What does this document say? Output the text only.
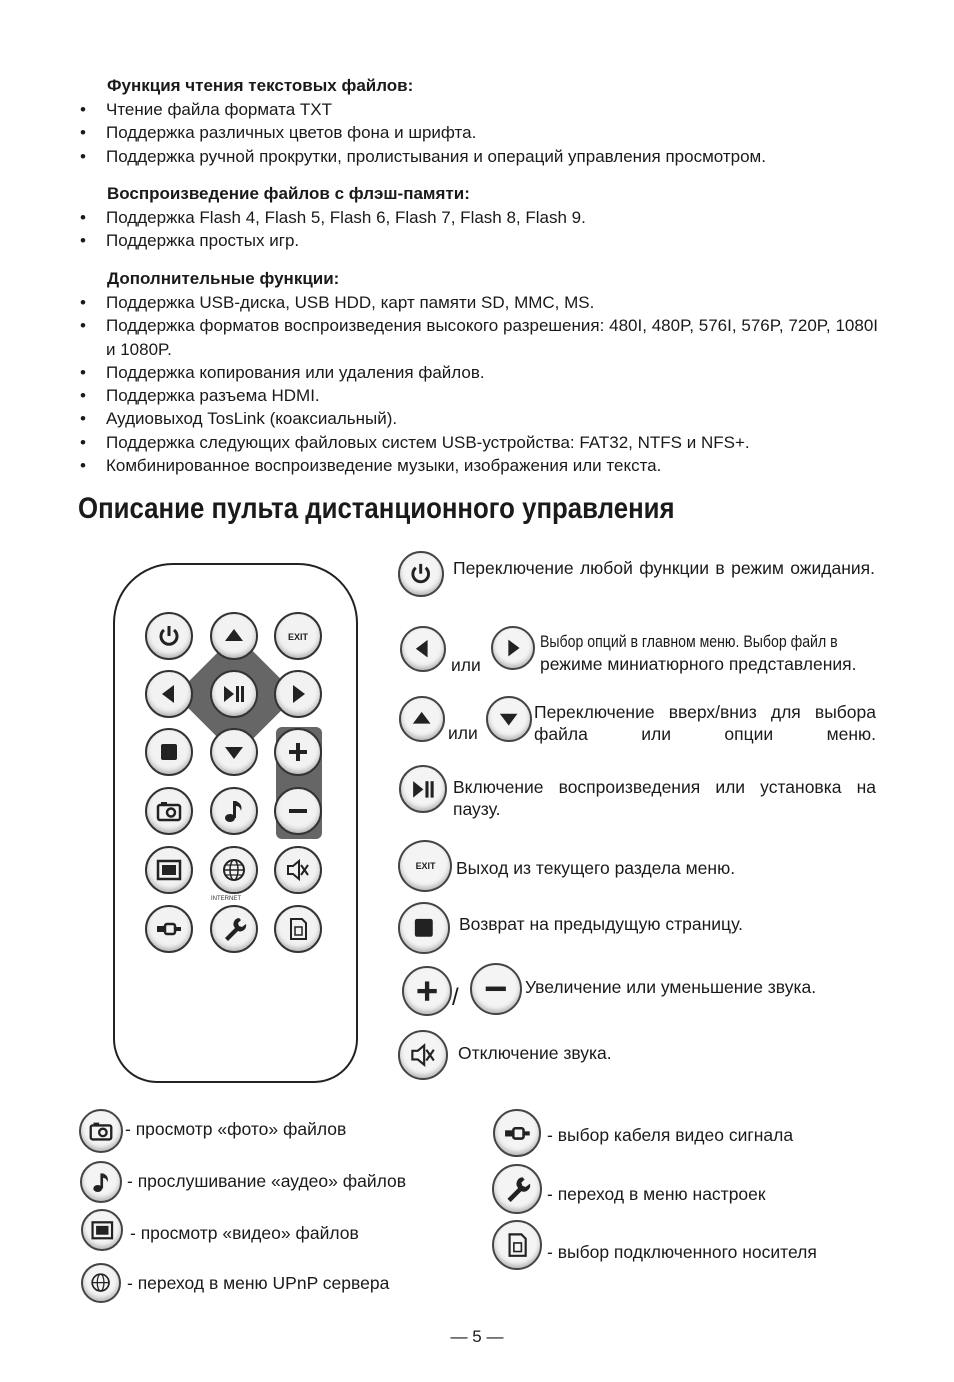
Функция чтения текстовых файлов:
• Чтение файла формата TXT
• Поддержка различных цветов фона и шрифта.
• Поддержка ручной прокрутки, пролистывания и операций управления просмотром.
Воспроизведение файлов с флэш-памяти:
• Поддержка Flash 4, Flash 5, Flash 6, Flash 7, Flash 8, Flash 9.
• Поддержка простых игр.
Дополнительные функции:
• Поддержка USB-диска, USB HDD, карт памяти SD, MMC, MS.
• Поддержка форматов воспроизведения высокого разрешения: 480I, 480P, 576I, 576P, 720P, 1080I и 1080P.
• Поддержка копирования или удаления файлов.
• Поддержка разъема HDMI.
• Аудиовыход TosLink (коаксиальный).
• Поддержка следующих файловых систем USB-устройства: FAT32, NTFS и NFS+.
• Комбинированное воспроизведение музыки, изображения или текста.
Описание пульта дистанционного управления
EXIT
INTERNET
Переключение любой функции в режим ожидания.
или
Выбор опций в главном меню. Выбор файл в
режиме миниатюрного представления.
или
Переключение вверх/вниз для выбора файла или опции меню.
Включение воспроизведения или установка на паузу.
EXIT Выход из текущего раздела меню.
Возврат на предыдущую страницу.
/	Увеличение или уменьшение звука.
Отключение звука.
- просмотр «фото» файлов
- прослушивание «аудео» файлов
- просмотр «видео» файлов
- переход в меню UPnP сервера
- выбор кабеля видео сигнала
- переход в меню настроек
- выбор подключенного носителя
— 5 —
